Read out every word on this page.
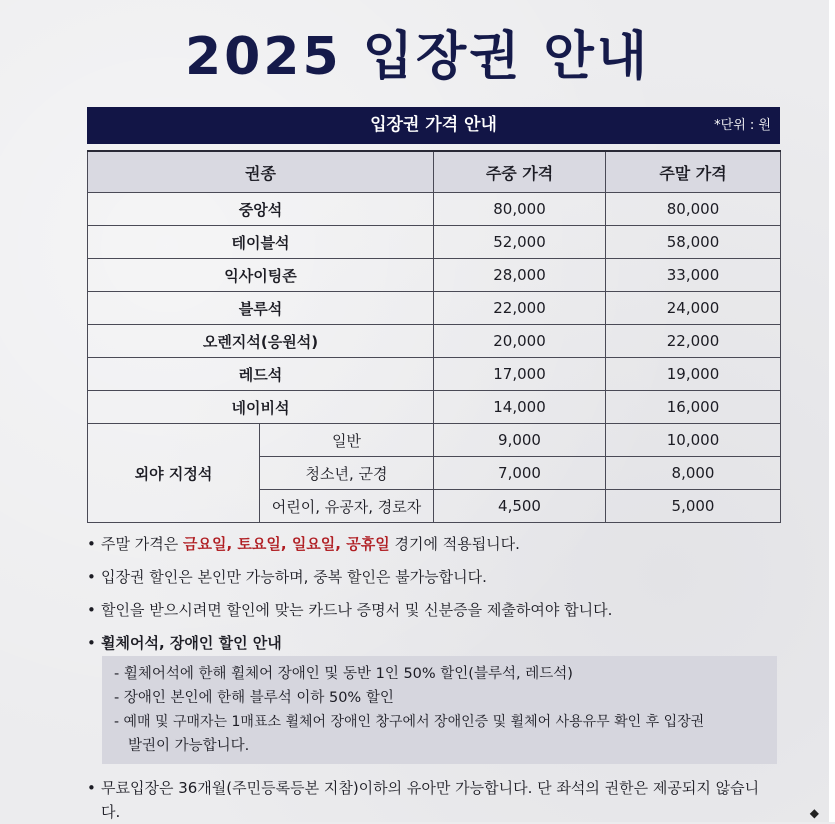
2025 입장권 안내
입장권 가격 안내	*단위 : 원
권종		주중 가격	주말 가격
중앙석		80,000	80,000
테이블석		52,000	58,000
익사이팅존		28,000	33,000
블루석		22,000	24,000
오렌지석(응원석)		20,000	22,000
레드석		17,000	19,000
네이비석		14,000	16,000
외야 지정석	일반	9,000	10,000
	청소년, 군경	7,000	8,000
	어린이, 유공자, 경로자	4,500	5,000
• 주말 가격은 금요일, 토요일, 일요일, 공휴일 경기에 적용됩니다.
• 입장권 할인은 본인만 가능하며, 중복 할인은 불가능합니다.
• 할인을 받으시려면 할인에 맞는 카드나 증명서 및 신분증을 제출하여야 합니다.
• 휠체어석, 장애인 할인 안내
- 휠체어석에 한해 휠체어 장애인 및 동반 1인 50% 할인(블루석, 레드석)
- 장애인 본인에 한해 블루석 이하 50% 할인
- 예매 및 구매자는 1매표소 휠체어 장애인 창구에서 장애인증 및 휠체어 사용유무 확인 후 입장권
발권이 가능합니다.
• 무료입장은 36개월(주민등록등본 지참)이하의 유아만 가능합니다. 단 좌석의 권한은 제공되지 않습니다.	◆
